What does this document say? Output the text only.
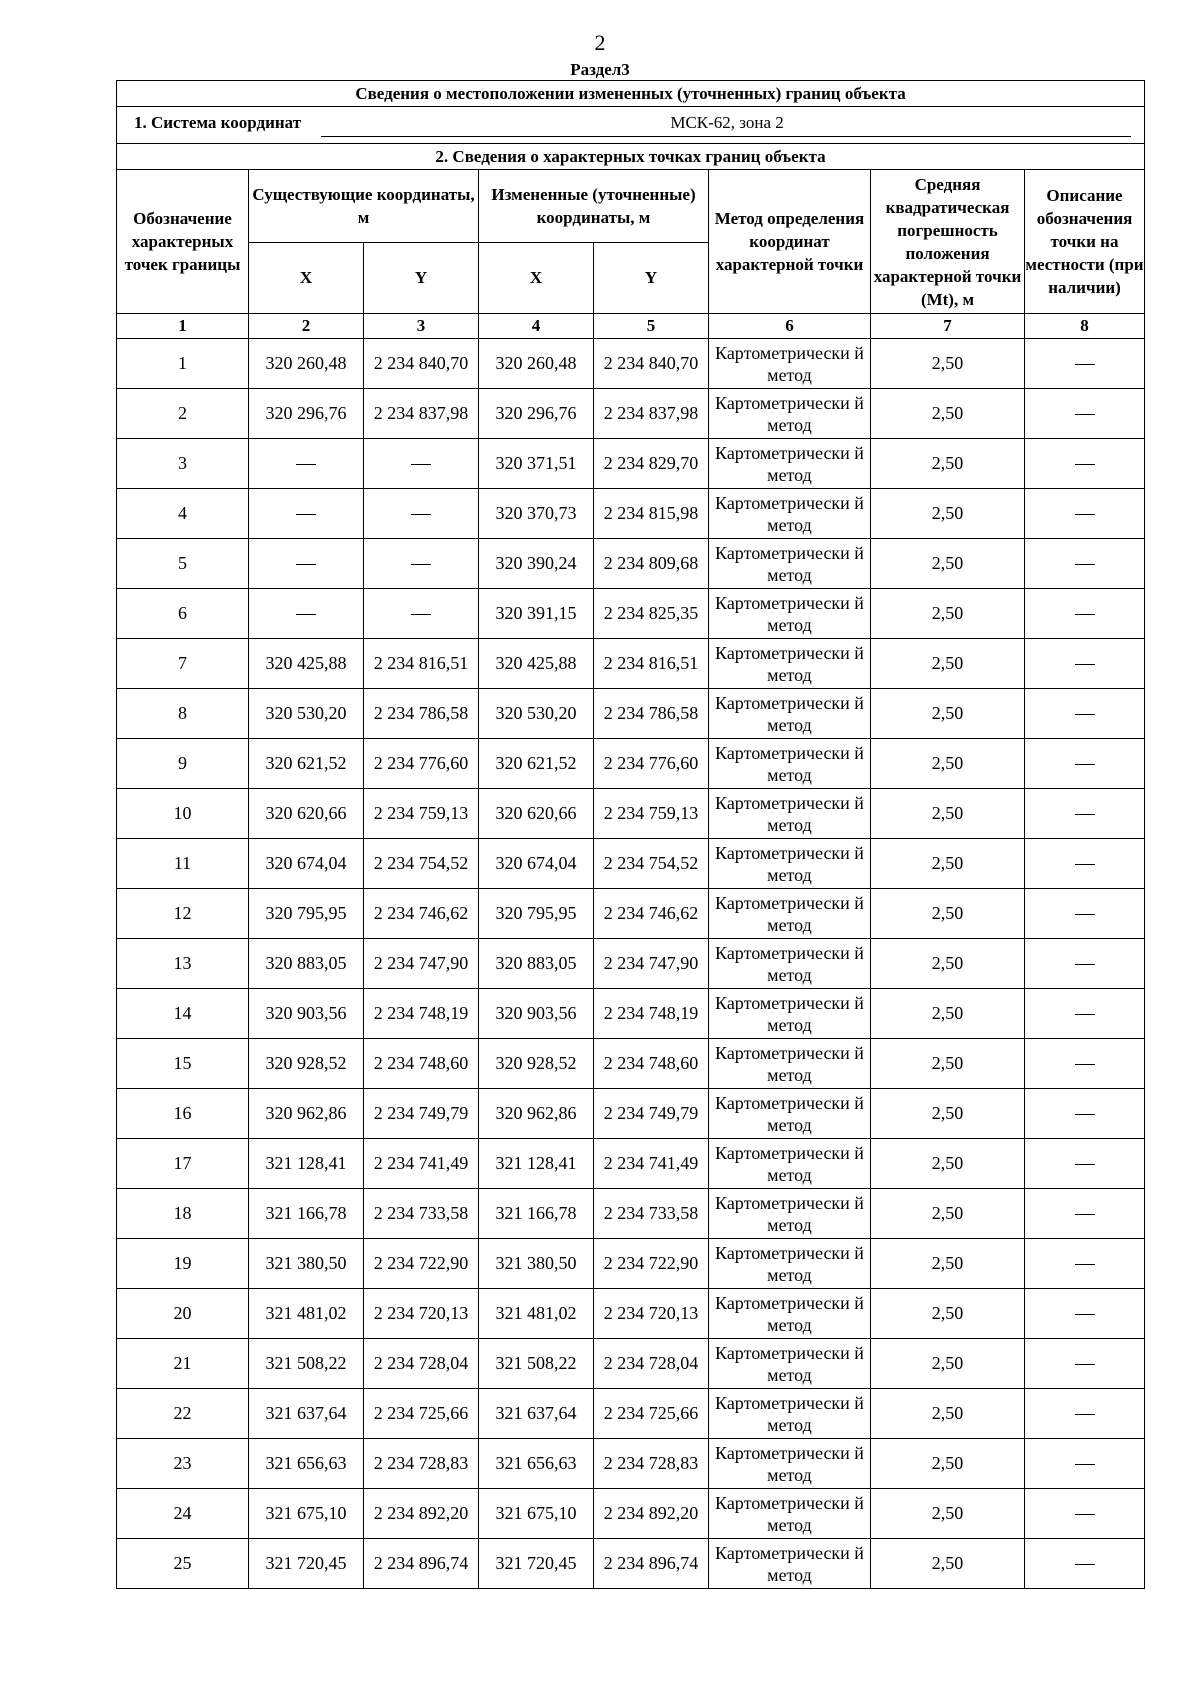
2
Раздел3
Сведения о местоположении измененных (уточненных) границ объекта							
1. Система координат МСК-62, зона 2							
2. Сведения о характерных точках границ объекта							
Обозначение характерных точек границы	Существующие координаты, м		Измененные (уточненные) координаты, м		Метод определения координат характерной точки	Средняя квадратическая погрешность положения характерной точки (Mt), м	Описание обозначения точки на местности (при наличии)
	X	Y	X	Y			
1	2	3	4	5	6	7	8
1	320 260,48	2 234 840,70	320 260,48	2 234 840,70	Картометрически й метод	2,50	
2	320 296,76	2 234 837,98	320 296,76	2 234 837,98	Картометрически й метод	2,50	
3			320 371,51	2 234 829,70	Картометрически й метод	2,50	
4			320 370,73	2 234 815,98	Картометрически й метод	2,50	
5			320 390,24	2 234 809,68	Картометрически й метод	2,50	
6			320 391,15	2 234 825,35	Картометрически й метод	2,50	
7	320 425,88	2 234 816,51	320 425,88	2 234 816,51	Картометрически й метод	2,50	
8	320 530,20	2 234 786,58	320 530,20	2 234 786,58	Картометрически й метод	2,50	
9	320 621,52	2 234 776,60	320 621,52	2 234 776,60	Картометрически й метод	2,50	
10	320 620,66	2 234 759,13	320 620,66	2 234 759,13	Картометрически й метод	2,50	
11	320 674,04	2 234 754,52	320 674,04	2 234 754,52	Картометрически й метод	2,50	
12	320 795,95	2 234 746,62	320 795,95	2 234 746,62	Картометрически й метод	2,50	
13	320 883,05	2 234 747,90	320 883,05	2 234 747,90	Картометрически й метод	2,50	
14	320 903,56	2 234 748,19	320 903,56	2 234 748,19	Картометрически й метод	2,50	
15	320 928,52	2 234 748,60	320 928,52	2 234 748,60	Картометрически й метод	2,50	
16	320 962,86	2 234 749,79	320 962,86	2 234 749,79	Картометрически й метод	2,50	
17	321 128,41	2 234 741,49	321 128,41	2 234 741,49	Картометрически й метод	2,50	
18	321 166,78	2 234 733,58	321 166,78	2 234 733,58	Картометрически й метод	2,50	
19	321 380,50	2 234 722,90	321 380,50	2 234 722,90	Картометрически й метод	2,50	
20	321 481,02	2 234 720,13	321 481,02	2 234 720,13	Картометрически й метод	2,50	
21	321 508,22	2 234 728,04	321 508,22	2 234 728,04	Картометрически й метод	2,50	
22	321 637,64	2 234 725,66	321 637,64	2 234 725,66	Картометрически й метод	2,50	
23	321 656,63	2 234 728,83	321 656,63	2 234 728,83	Картометрически й метод	2,50	
24	321 675,10	2 234 892,20	321 675,10	2 234 892,20	Картометрически й метод	2,50	
25	321 720,45	2 234 896,74	321 720,45	2 234 896,74	Картометрически й метод	2,50	
